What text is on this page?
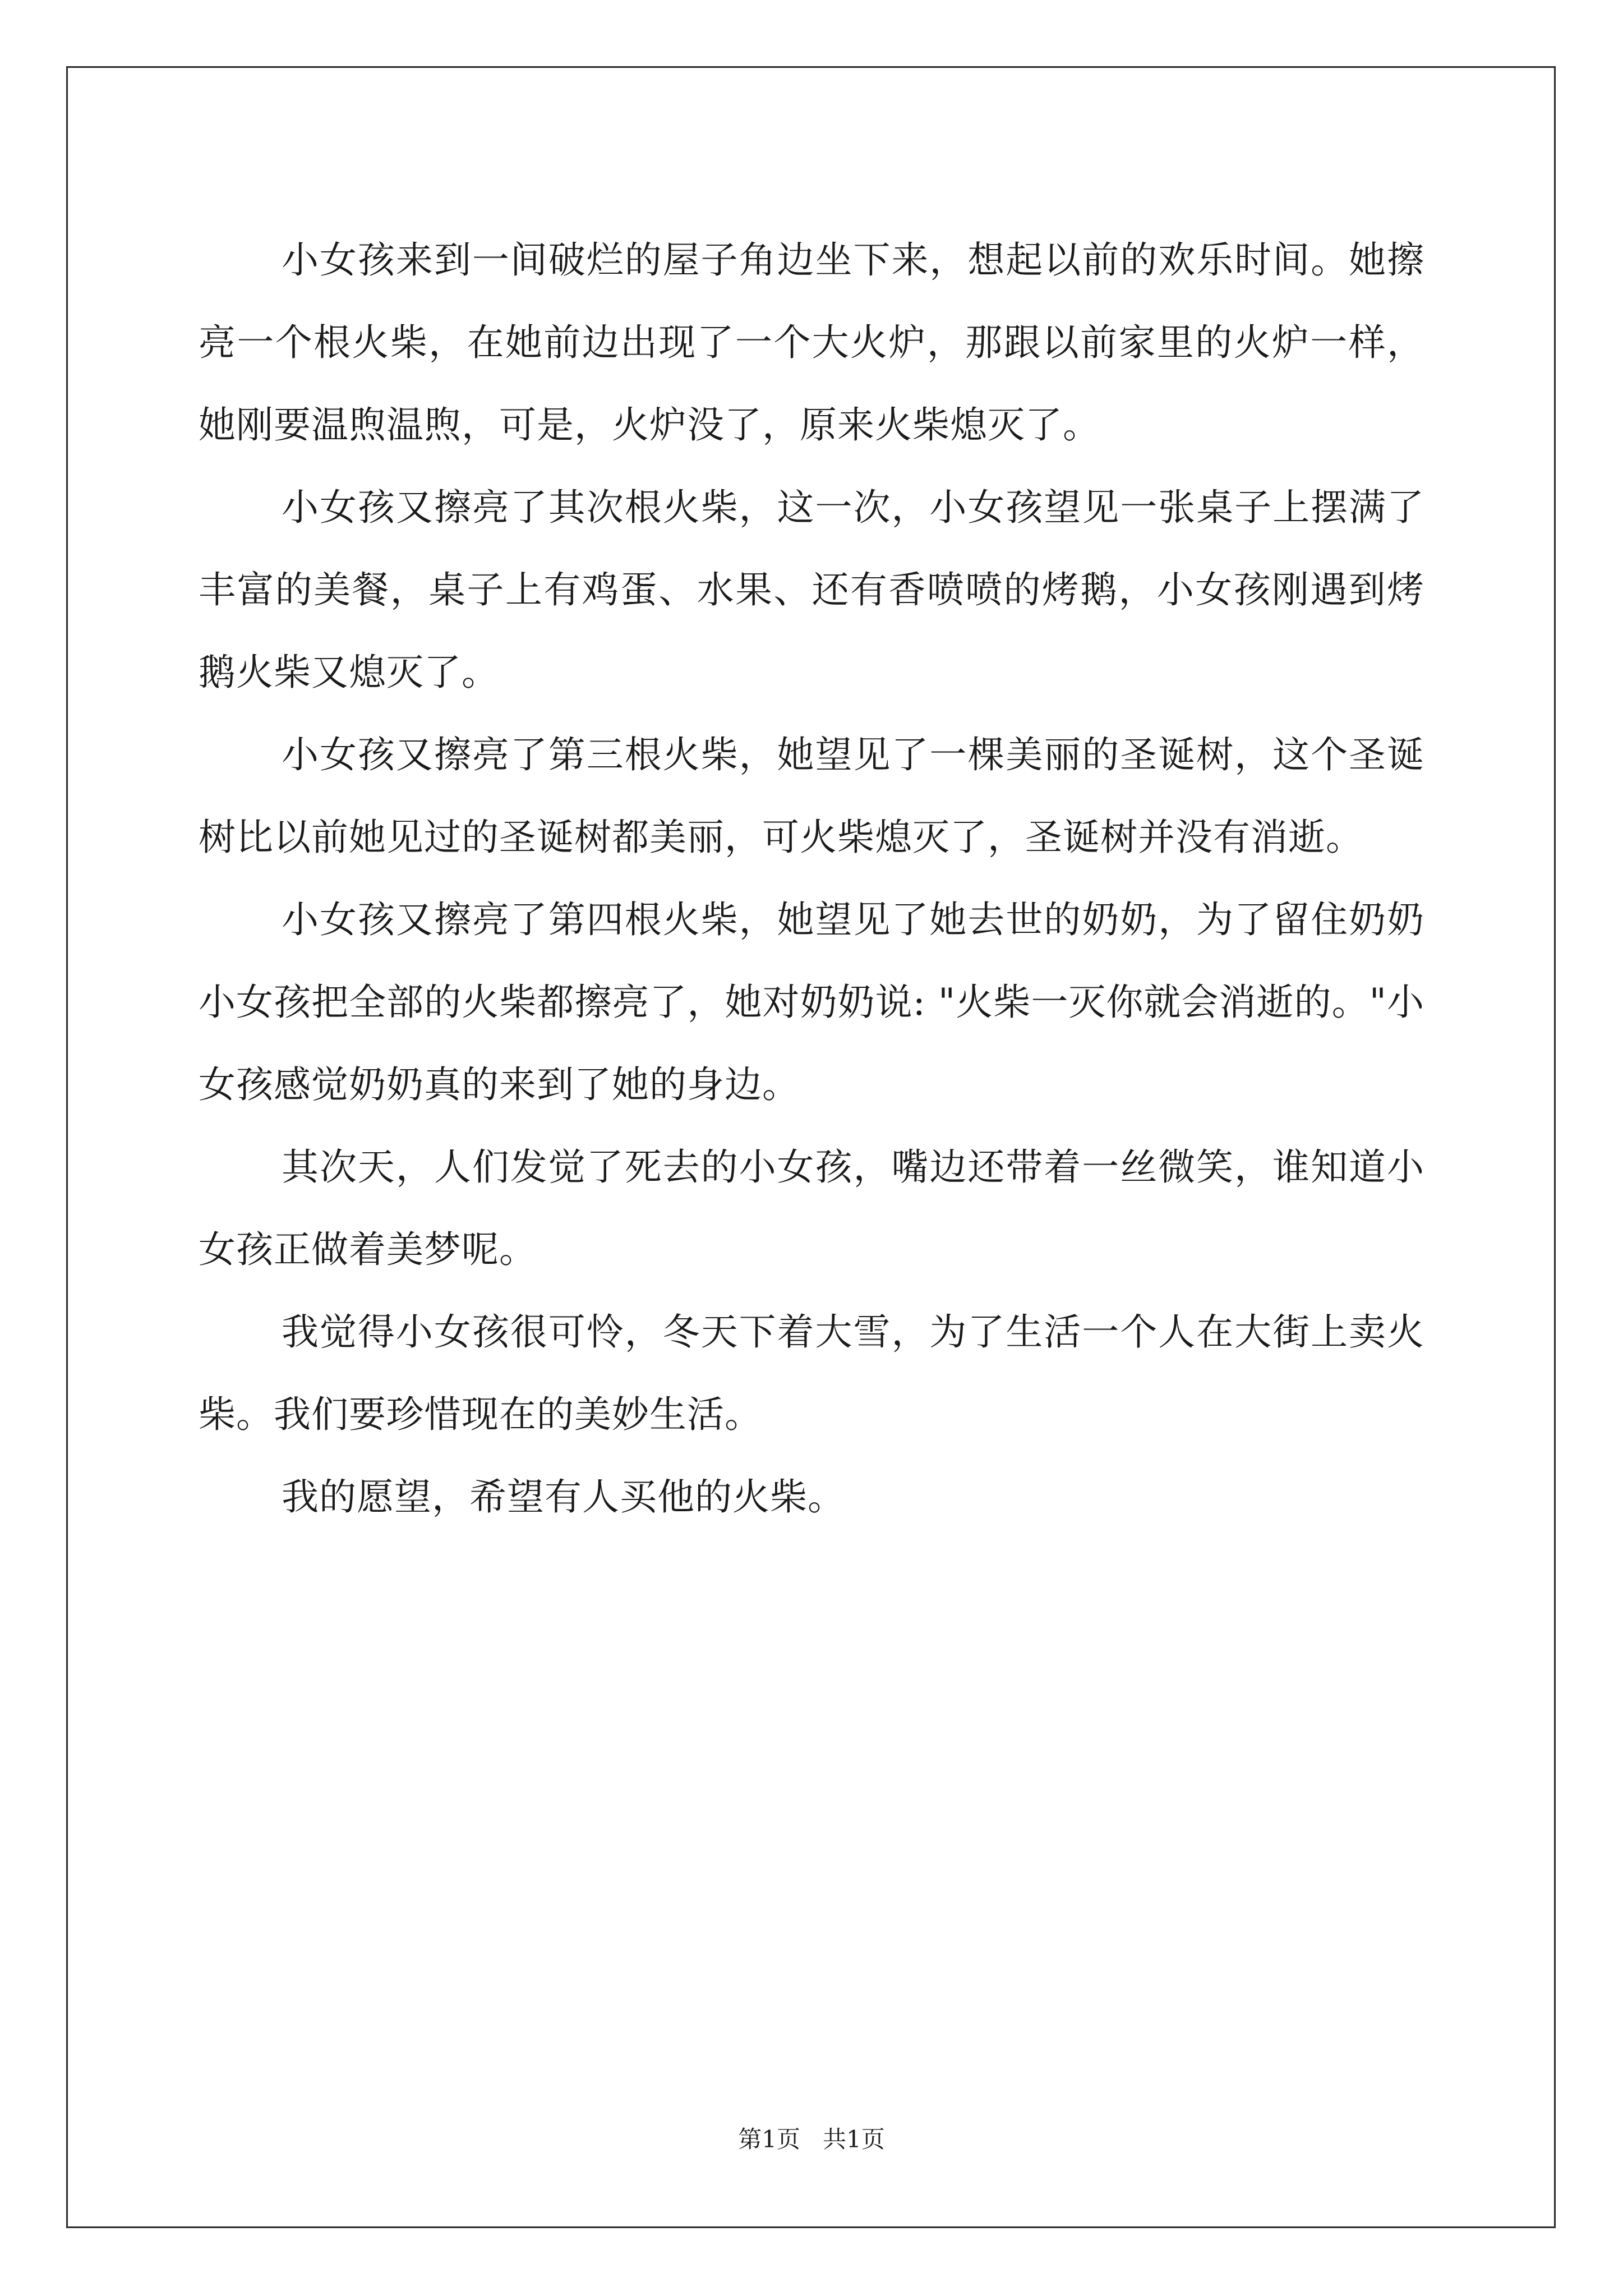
小女孩来到一间破烂的屋子角边坐下来，想起以前的欢乐时间。她擦亮一个根火柴，在她前边出现了一个大火炉，那跟以前家里的火炉一样，她刚要温煦温煦，可是，火炉没了，原来火柴熄灭了。

小女孩又擦亮了其次根火柴，这一次，小女孩望见一张桌子上摆满了丰富的美餐，桌子上有鸡蛋、水果、还有香喷喷的烤鹅，小女孩刚遇到烤鹅火柴又熄灭了。

小女孩又擦亮了第三根火柴，她望见了一棵美丽的圣诞树，这个圣诞树比以前她见过的圣诞树都美丽，可火柴熄灭了，圣诞树并没有消逝。

小女孩又擦亮了第四根火柴，她望见了她去世的奶奶，为了留住奶奶小女孩把全部的火柴都擦亮了，她对奶奶说: "火柴一灭你就会消逝的。"小女孩感觉奶奶真的来到了她的身边。

其次天，人们发觉了死去的小女孩，嘴边还带着一丝微笑，谁知道小女孩正做着美梦呢。

我觉得小女孩很可怜，冬天下着大雪，为了生活一个人在大街上卖火柴。我们要珍惜现在的美妙生活。

我的愿望，希望有人买他的火柴。

第1页 共1页
